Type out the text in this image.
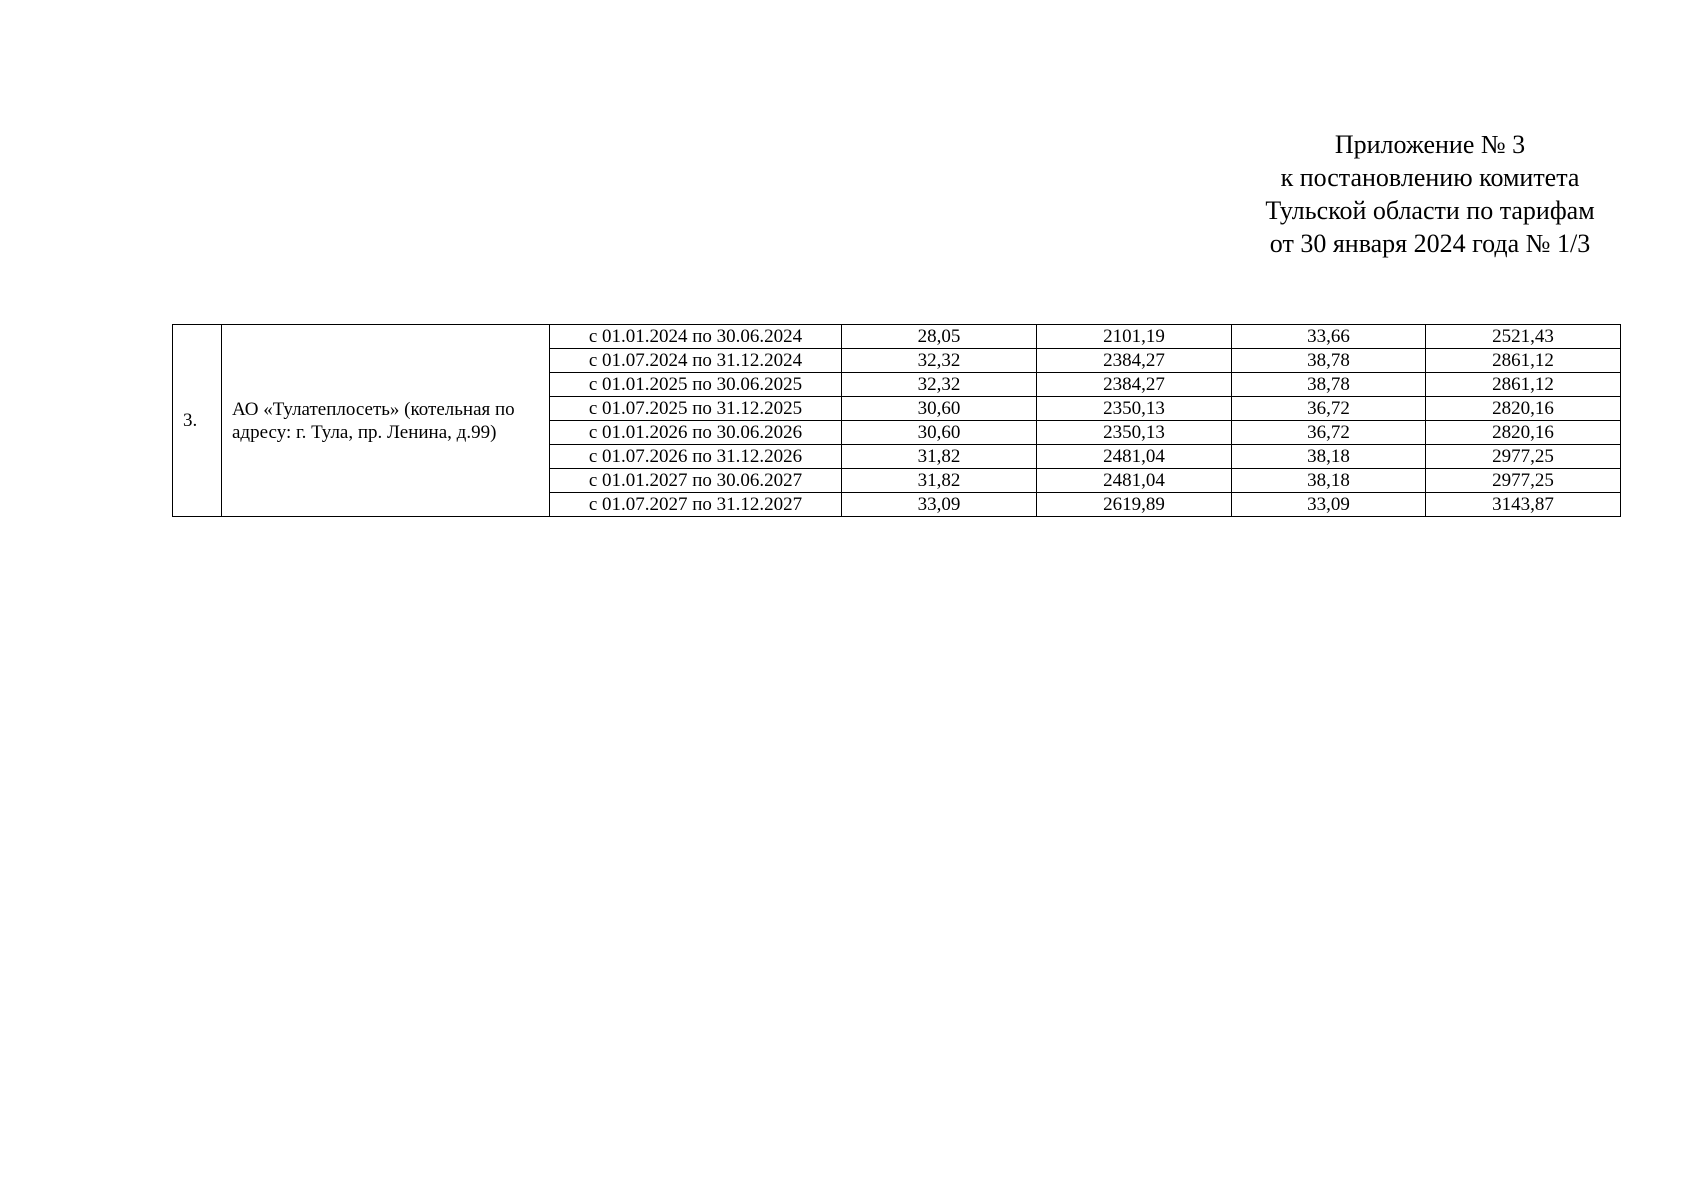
Приложение № 3
к постановлению комитета
Тульской области по тарифам
от 30 января 2024 года № 1/3
3.	АО «Тулатеплосеть» (котельная по адресу: г. Тула, пр. Ленина, д.99)	с 01.01.2024 по 30.06.2024	28,05	2101,19	33,66	2521,43
		с 01.07.2024 по 31.12.2024	32,32	2384,27	38,78	2861,12
		с 01.01.2025 по 30.06.2025	32,32	2384,27	38,78	2861,12
		с 01.07.2025 по 31.12.2025	30,60	2350,13	36,72	2820,16
		с 01.01.2026 по 30.06.2026	30,60	2350,13	36,72	2820,16
		с 01.07.2026 по 31.12.2026	31,82	2481,04	38,18	2977,25
		с 01.01.2027 по 30.06.2027	31,82	2481,04	38,18	2977,25
		с 01.07.2027 по 31.12.2027	33,09	2619,89	33,09	3143,87
